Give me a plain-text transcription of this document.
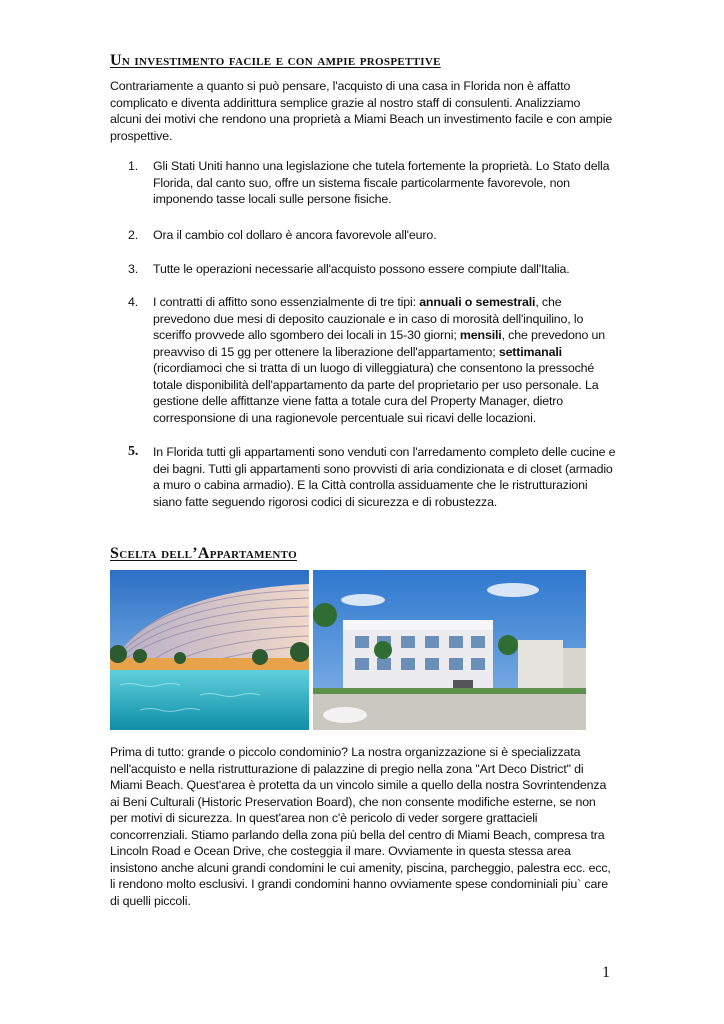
Un investimento facile e con ampie prospettive

Contrariamente a quanto si può pensare, l'acquisto di una casa in Florida non è affatto complicato e diventa addirittura semplice grazie al nostro staff di consulenti. Analizziamo alcuni dei motivi che rendono una proprietà a Miami Beach un investimento facile e con ampie prospettive.

1. Gli Stati Uniti hanno una legislazione che tutela fortemente la proprietà. Lo Stato della Florida, dal canto suo, offre un sistema fiscale particolarmente favorevole, non imponendo tasse locali sulle persone fisiche.
2. Ora il cambio col dollaro è ancora favorevole all'euro.
3. Tutte le operazioni necessarie all'acquisto possono essere compiute dall'Italia.
4. I contratti di affitto sono essenzialmente di tre tipi: annuali o semestrali, che prevedono due mesi di deposito cauzionale e in caso di morosità dell'inquilino, lo sceriffo provvede allo sgombero dei locali in 15-30 giorni; mensili, che prevedono un preavviso di 15 gg per ottenere la liberazione dell'appartamento; settimanali (ricordiamoci che si tratta di un luogo di villeggiatura) che consentono la pressoché totale disponibilità dell'appartamento da parte del proprietario per uso personale. La gestione delle affittanze viene fatta a totale cura del Property Manager, dietro corresponsione di una ragionevole percentuale sui ricavi delle locazioni.
5. In Florida tutti gli appartamenti sono venduti con l'arredamento completo delle cucine e dei bagni. Tutti gli appartamenti sono provvisti di aria condizionata e di closet (armadio a muro o cabina armadio). E la Città controlla assiduamente che le ristrutturazioni siano fatte seguendo rigorosi codici di sicurezza e di robustezza.
Scelta dell’Appartamento

Prima di tutto: grande o piccolo condominio? La nostra organizzazione si è specializzata nell'acquisto e nella ristrutturazione di palazzine di pregio nella zona "Art Deco District" di Miami Beach. Quest'area è protetta da un vincolo simile a quello della nostra Sovrintendenza ai Beni Culturali (Historic Preservation Board), che non consente modifiche esterne, se non per motivi di sicurezza. In quest'area non c'è pericolo di veder sorgere grattacieli concorrenziali. Stiamo parlando della zona più bella del centro di Miami Beach, compresa tra Lincoln Road e Ocean Drive, che costeggia il mare. Ovviamente in questa stessa area insistono anche alcuni grandi condomini le cui amenity, piscina, parcheggio, palestra ecc. ecc, li rendono molto esclusivi. I grandi condomini hanno ovviamente spese condominiali piu` care di quelli piccoli.

1
